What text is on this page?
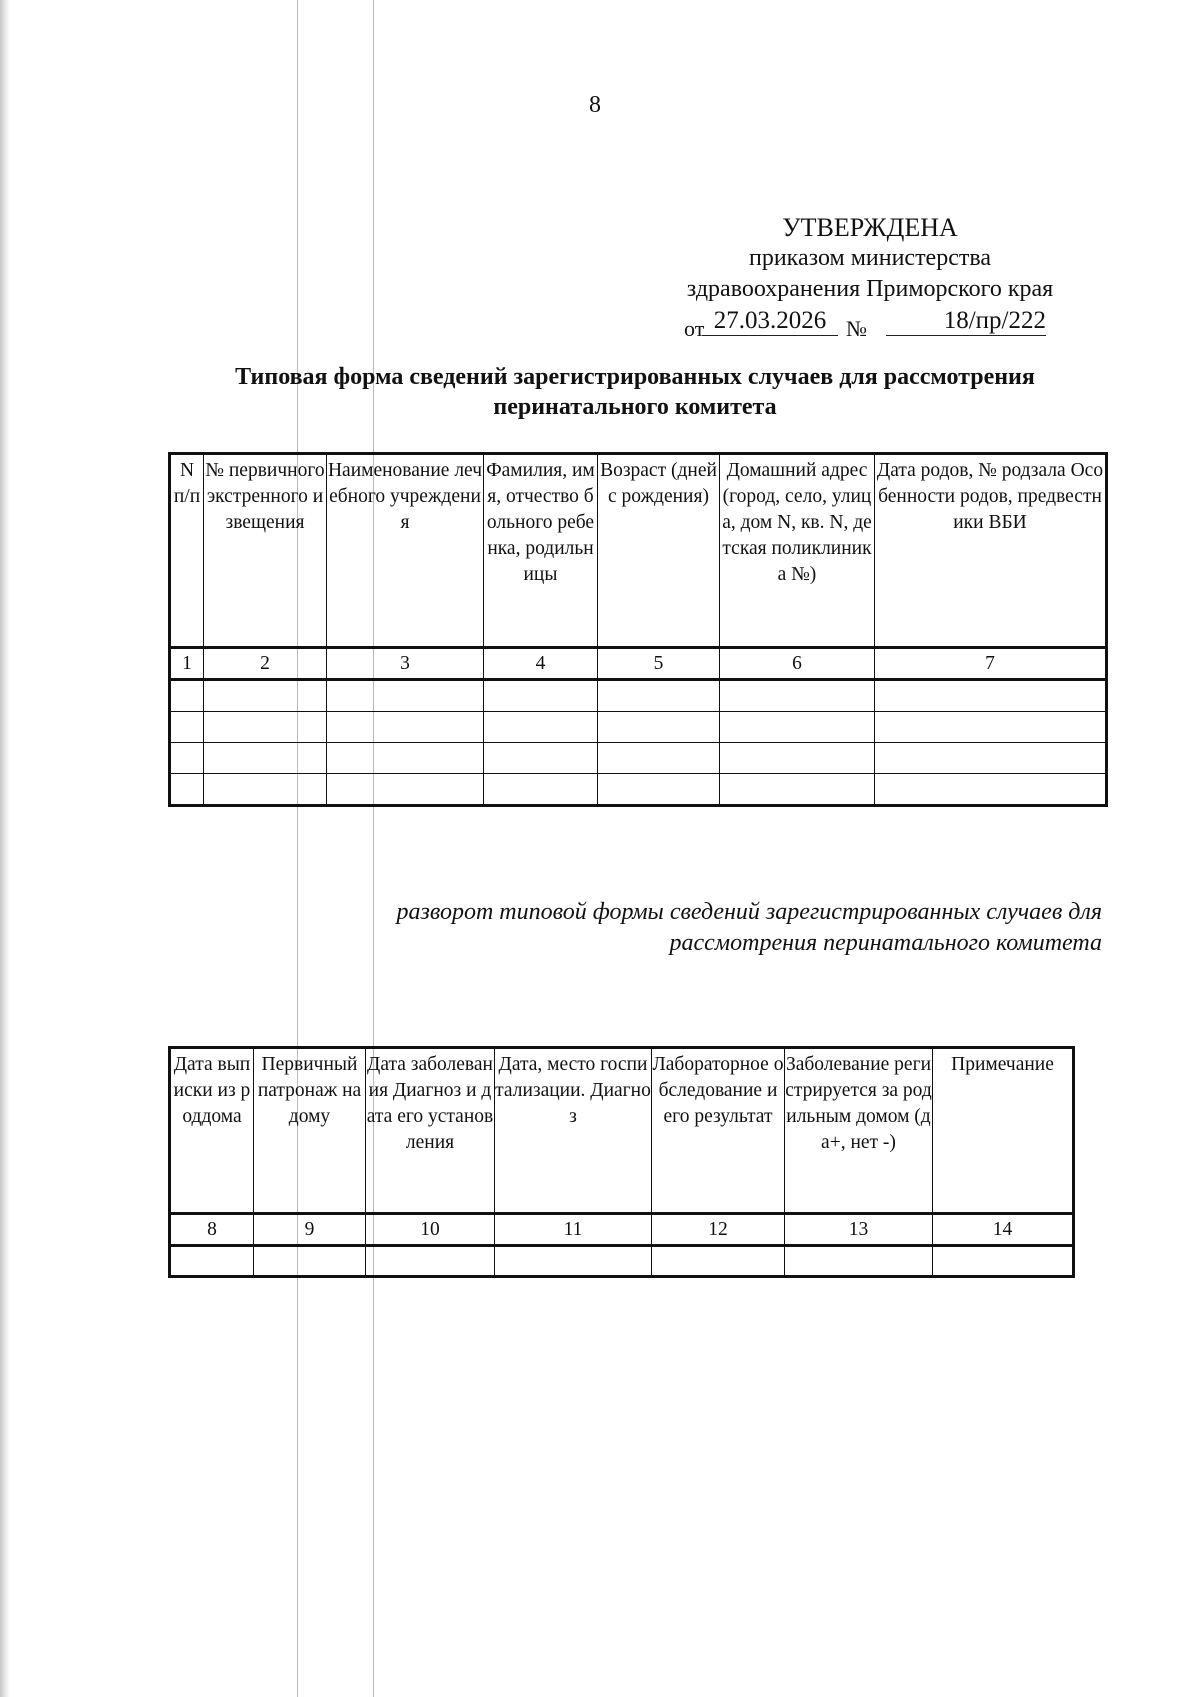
8
УТВЕРЖДЕНА
приказом министерства
здравоохранения Приморского края
от 27.03.2026 №	18/пр/222
Типовая форма сведений зарегистрированных случаев для рассмотрения
перинатального комитета
N п/п	№ первичного экстренного извещения	Наименование лечебного учреждения	Фамилия, имя, отчество больного ребенка, родильницы	Возраст (дней с рождения)	Домашний адрес (город, село, улица, дом N, кв. N, детская поликлиника №)	Дата родов, № родзала Особенности родов, предвестники ВБИ
1	2	3	4	5	6	7

разворот типовой формы сведений зарегистрированных случаев для
рассмотрения перинатального комитета
Дата выписки из роддома	Первичный патронаж на дому	Дата заболевания Диагноз и дата его установления	Дата, место госпитализации. Диагноз	Лабораторное обследование и его результат	Заболевание регистрируется за родильным домом (да+, нет -)	Примечание
8	9	10	11	12	13	14
